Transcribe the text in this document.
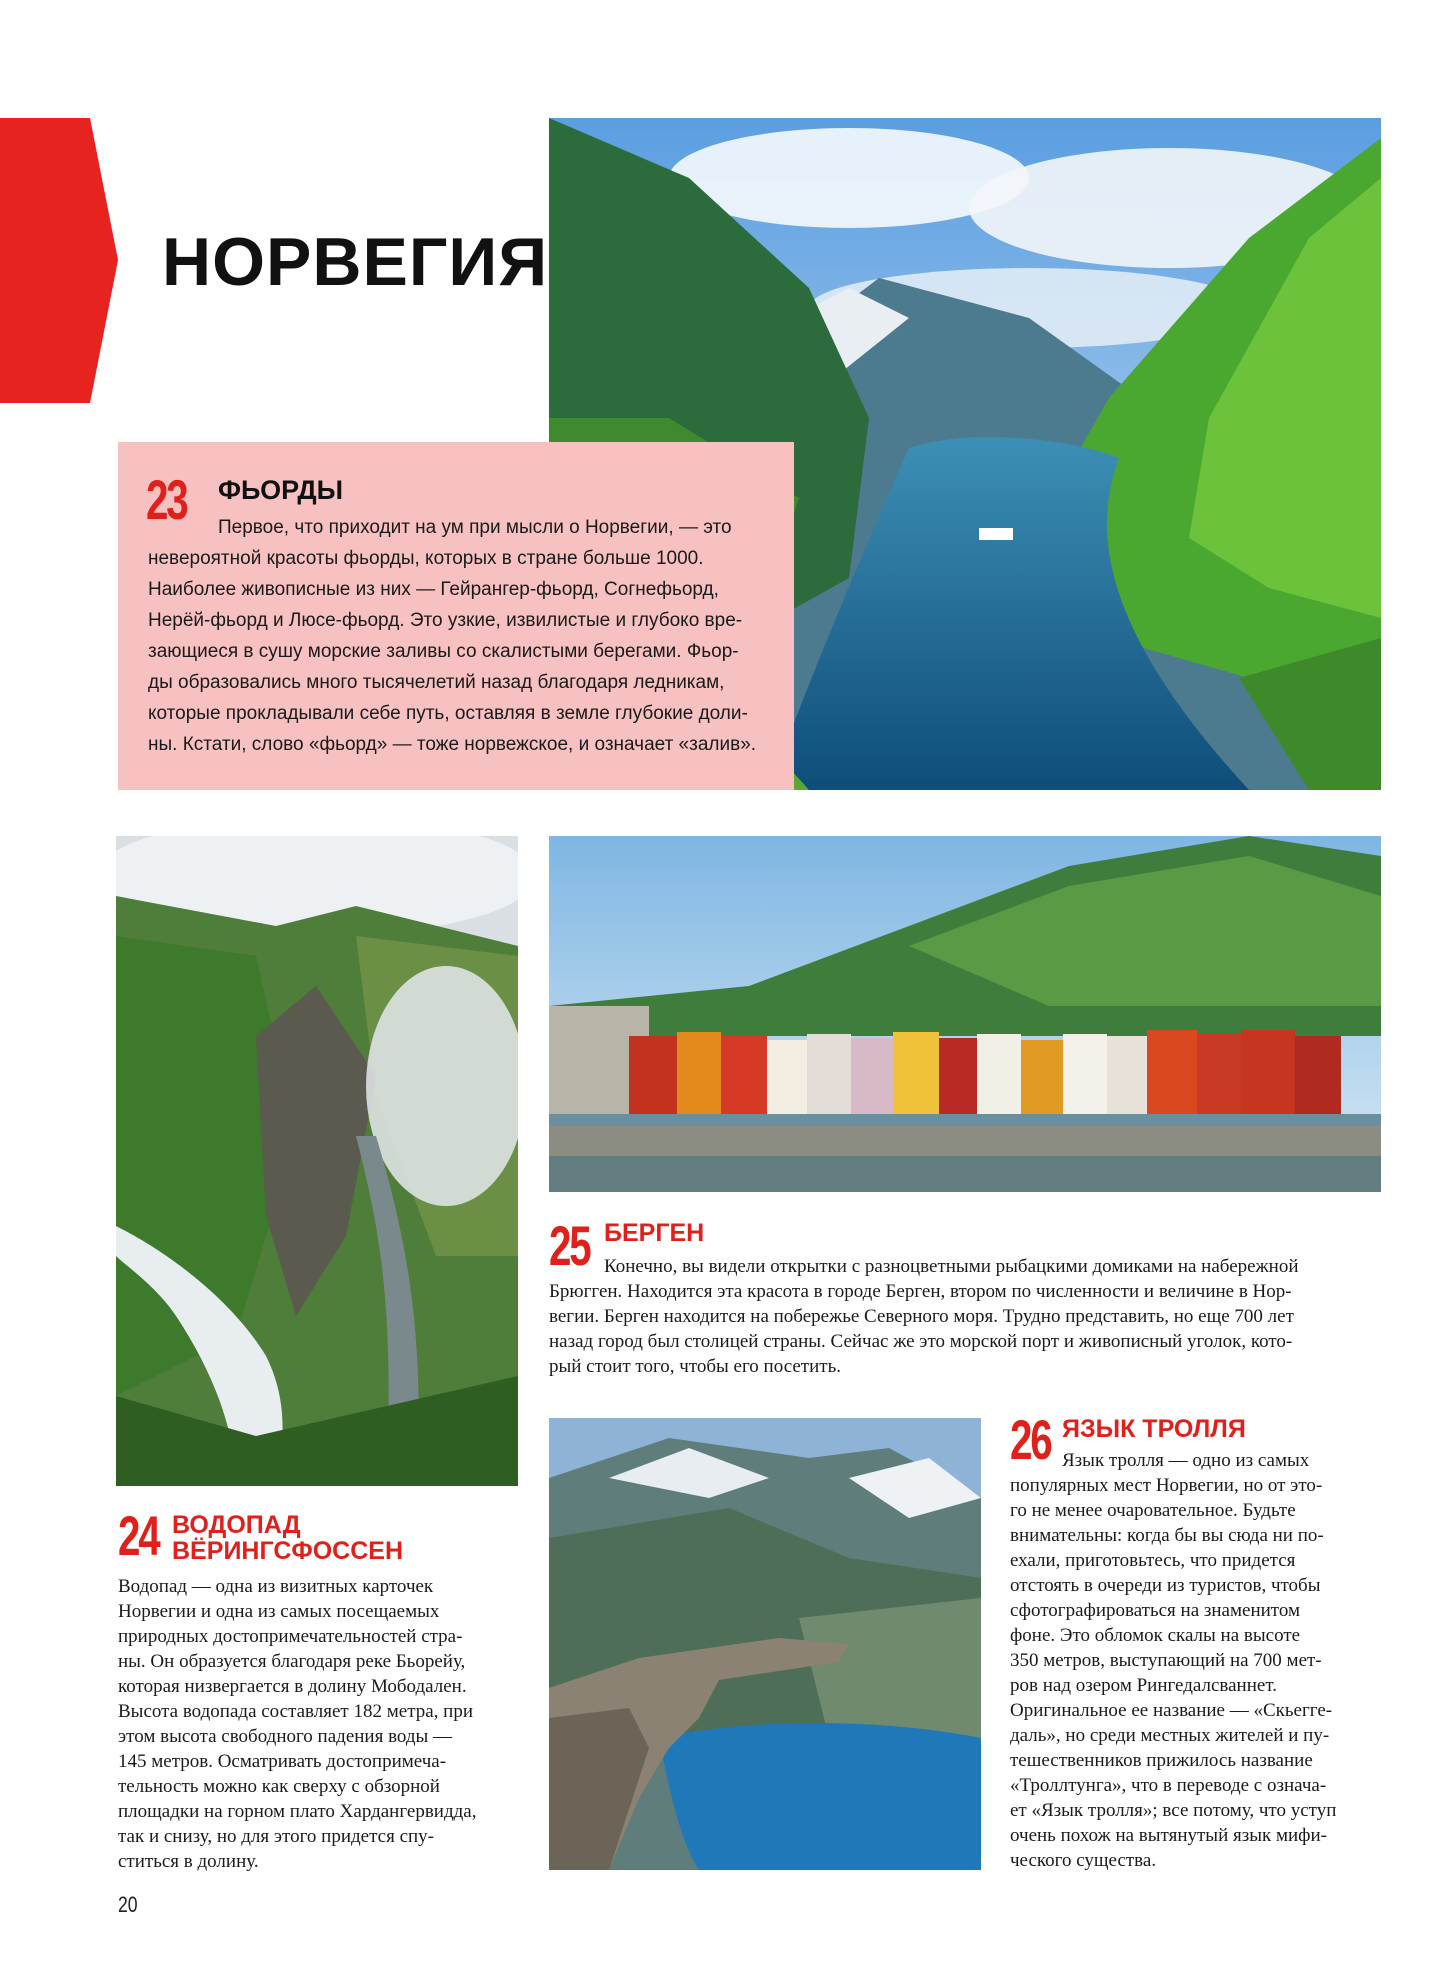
НОРВЕГИЯ
23 ФЬОРДЫ
Первое, что приходит на ум при мысли о Норвегии, — это
невероятной красоты фьорды, которых в стране больше 1000.
Наиболее живописные из них — Гейрангер-фьорд, Согнефьорд,
Нерёй-фьорд и Люсе-фьорд. Это узкие, извилистые и глубоко вре-
зающиеся в сушу морские заливы со скалистыми берегами. Фьор-
ды образовались много тысячелетий назад благодаря ледникам,
которые прокладывали себе путь, оставляя в земле глубокие доли-
ны. Кстати, слово «фьорд» — тоже норвежское, и означает «залив».
24 ВОДОПАД
ВЁРИНГСФОССЕН
Водопад — одна из визитных карточек
Норвегии и одна из самых посещаемых
природных достопримечательностей стра-
ны. Он образуется благодаря реке Бьорейу,
которая низвергается в долину Мободален.
Высота водопада составляет 182 метра, при
этом высота свободного падения воды —
145 метров. Осматривать достопримеча-
тельность можно как сверху с обзорной
площадки на горном плато Хардангервидда,
так и снизу, но для этого придется спу-
ститься в долину.
25 БЕРГЕН
Конечно, вы видели открытки с разноцветными рыбацкими домиками на набережной
Брюгген. Находится эта красота в городе Берген, втором по численности и величине в Нор-
вегии. Берген находится на побережье Северного моря. Трудно представить, но еще 700 лет
назад город был столицей страны. Сейчас же это морской порт и живописный уголок, кото-
рый стоит того, чтобы его посетить.
26 ЯЗЫК ТРОЛЛЯ
Язык тролля — одно из самых
популярных мест Норвегии, но от это-
го не менее очаровательное. Будьте
внимательны: когда бы вы сюда ни по-
ехали, приготовьтесь, что придется
отстоять в очереди из туристов, чтобы
сфотографироваться на знаменитом
фоне. Это обломок скалы на высоте
350 метров, выступающий на 700 мет-
ров над озером Рингедалсваннет.
Оригинальное ее название — «Скьегге-
даль», но среди местных жителей и пу-
тешественников прижилось название
«Троллтунга», что в переводе с означа-
ет «Язык тролля»; все потому, что уступ
очень похож на вытянутый язык мифи-
ческого существа.
20
